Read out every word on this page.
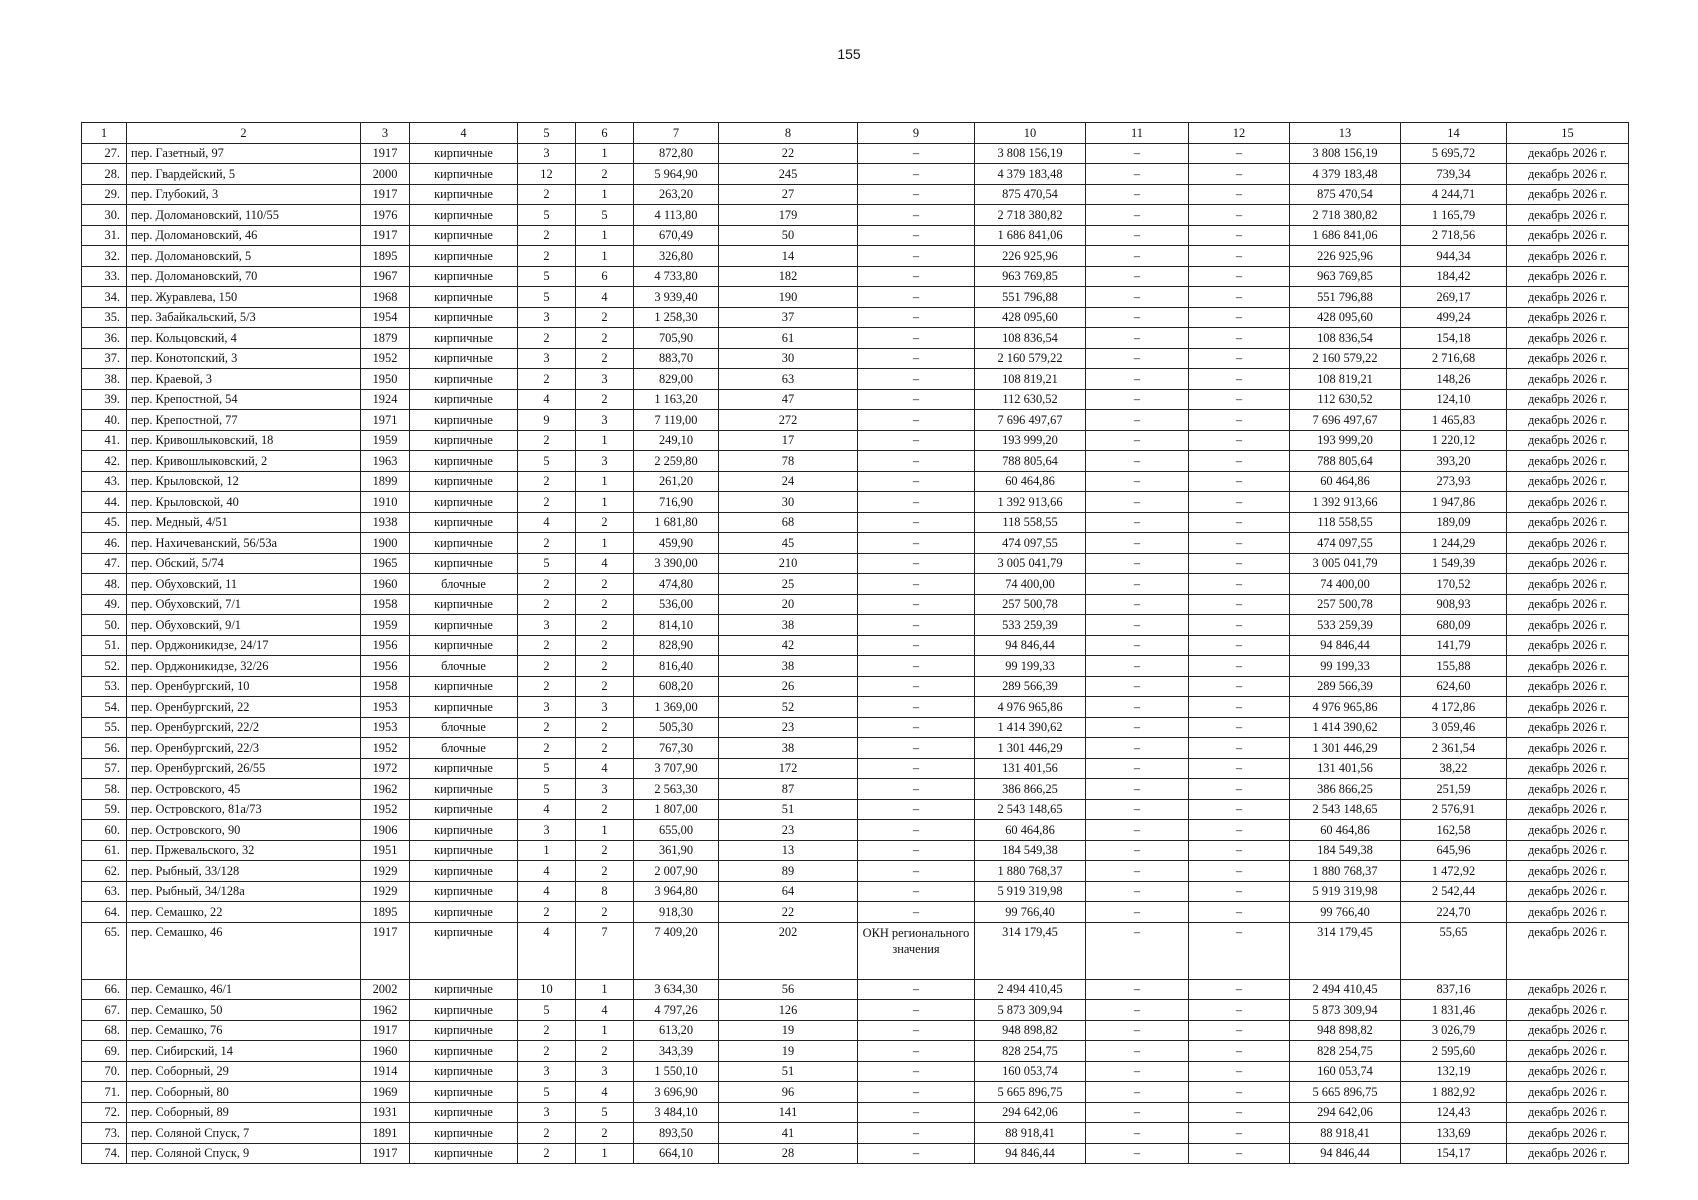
155
1	2	3	4	5	6	7	8	9	10	11	12	13	14	15
27.	пер. Газетный, 97	1917	кирпичные	3	1	872,80	22	–	3 808 156,19	–	–	3 808 156,19	5 695,72	декабрь 2026 г.
28.	пер. Гвардейский, 5	2000	кирпичные	12	2	5 964,90	245	–	4 379 183,48	–	–	4 379 183,48	739,34	декабрь 2026 г.
29.	пер. Глубокий, 3	1917	кирпичные	2	1	263,20	27	–	875 470,54	–	–	875 470,54	4 244,71	декабрь 2026 г.
30.	пер. Доломановский, 110/55	1976	кирпичные	5	5	4 113,80	179	–	2 718 380,82	–	–	2 718 380,82	1 165,79	декабрь 2026 г.
31.	пер. Доломановский, 46	1917	кирпичные	2	1	670,49	50	–	1 686 841,06	–	–	1 686 841,06	2 718,56	декабрь 2026 г.
32.	пер. Доломановский, 5	1895	кирпичные	2	1	326,80	14	–	226 925,96	–	–	226 925,96	944,34	декабрь 2026 г.
33.	пер. Доломановский, 70	1967	кирпичные	5	6	4 733,80	182	–	963 769,85	–	–	963 769,85	184,42	декабрь 2026 г.
34.	пер. Журавлева, 150	1968	кирпичные	5	4	3 939,40	190	–	551 796,88	–	–	551 796,88	269,17	декабрь 2026 г.
35.	пер. Забайкальский, 5/3	1954	кирпичные	3	2	1 258,30	37	–	428 095,60	–	–	428 095,60	499,24	декабрь 2026 г.
36.	пер. Кольцовский, 4	1879	кирпичные	2	2	705,90	61	–	108 836,54	–	–	108 836,54	154,18	декабрь 2026 г.
37.	пер. Конотопский, 3	1952	кирпичные	3	2	883,70	30	–	2 160 579,22	–	–	2 160 579,22	2 716,68	декабрь 2026 г.
38.	пер. Краевой, 3	1950	кирпичные	2	3	829,00	63	–	108 819,21	–	–	108 819,21	148,26	декабрь 2026 г.
39.	пер. Крепостной, 54	1924	кирпичные	4	2	1 163,20	47	–	112 630,52	–	–	112 630,52	124,10	декабрь 2026 г.
40.	пер. Крепостной, 77	1971	кирпичные	9	3	7 119,00	272	–	7 696 497,67	–	–	7 696 497,67	1 465,83	декабрь 2026 г.
41.	пер. Кривошлыковский, 18	1959	кирпичные	2	1	249,10	17	–	193 999,20	–	–	193 999,20	1 220,12	декабрь 2026 г.
42.	пер. Кривошлыковский, 2	1963	кирпичные	5	3	2 259,80	78	–	788 805,64	–	–	788 805,64	393,20	декабрь 2026 г.
43.	пер. Крыловской, 12	1899	кирпичные	2	1	261,20	24	–	60 464,86	–	–	60 464,86	273,93	декабрь 2026 г.
44.	пер. Крыловской, 40	1910	кирпичные	2	1	716,90	30	–	1 392 913,66	–	–	1 392 913,66	1 947,86	декабрь 2026 г.
45.	пер. Медный, 4/51	1938	кирпичные	4	2	1 681,80	68	–	118 558,55	–	–	118 558,55	189,09	декабрь 2026 г.
46.	пер. Нахичеванский, 56/53а	1900	кирпичные	2	1	459,90	45	–	474 097,55	–	–	474 097,55	1 244,29	декабрь 2026 г.
47.	пер. Обский, 5/74	1965	кирпичные	5	4	3 390,00	210	–	3 005 041,79	–	–	3 005 041,79	1 549,39	декабрь 2026 г.
48.	пер. Обуховский, 11	1960	блочные	2	2	474,80	25	–	74 400,00	–	–	74 400,00	170,52	декабрь 2026 г.
49.	пер. Обуховский, 7/1	1958	кирпичные	2	2	536,00	20	–	257 500,78	–	–	257 500,78	908,93	декабрь 2026 г.
50.	пер. Обуховский, 9/1	1959	кирпичные	3	2	814,10	38	–	533 259,39	–	–	533 259,39	680,09	декабрь 2026 г.
51.	пер. Орджоникидзе, 24/17	1956	кирпичные	2	2	828,90	42	–	94 846,44	–	–	94 846,44	141,79	декабрь 2026 г.
52.	пер. Орджоникидзе, 32/26	1956	блочные	2	2	816,40	38	–	99 199,33	–	–	99 199,33	155,88	декабрь 2026 г.
53.	пер. Оренбургский, 10	1958	кирпичные	2	2	608,20	26	–	289 566,39	–	–	289 566,39	624,60	декабрь 2026 г.
54.	пер. Оренбургский, 22	1953	кирпичные	3	3	1 369,00	52	–	4 976 965,86	–	–	4 976 965,86	4 172,86	декабрь 2026 г.
55.	пер. Оренбургский, 22/2	1953	блочные	2	2	505,30	23	–	1 414 390,62	–	–	1 414 390,62	3 059,46	декабрь 2026 г.
56.	пер. Оренбургский, 22/3	1952	блочные	2	2	767,30	38	–	1 301 446,29	–	–	1 301 446,29	2 361,54	декабрь 2026 г.
57.	пер. Оренбургский, 26/55	1972	кирпичные	5	4	3 707,90	172	–	131 401,56	–	–	131 401,56	38,22	декабрь 2026 г.
58.	пер. Островского, 45	1962	кирпичные	5	3	2 563,30	87	–	386 866,25	–	–	386 866,25	251,59	декабрь 2026 г.
59.	пер. Островского, 81а/73	1952	кирпичные	4	2	1 807,00	51	–	2 543 148,65	–	–	2 543 148,65	2 576,91	декабрь 2026 г.
60.	пер. Островского, 90	1906	кирпичные	3	1	655,00	23	–	60 464,86	–	–	60 464,86	162,58	декабрь 2026 г.
61.	пер. Пржевальского, 32	1951	кирпичные	1	2	361,90	13	–	184 549,38	–	–	184 549,38	645,96	декабрь 2026 г.
62.	пер. Рыбный, 33/128	1929	кирпичные	4	2	2 007,90	89	–	1 880 768,37	–	–	1 880 768,37	1 472,92	декабрь 2026 г.
63.	пер. Рыбный, 34/128а	1929	кирпичные	4	8	3 964,80	64	–	5 919 319,98	–	–	5 919 319,98	2 542,44	декабрь 2026 г.
64.	пер. Семашко, 22	1895	кирпичные	2	2	918,30	22	–	99 766,40	–	–	99 766,40	224,70	декабрь 2026 г.
65.	пер. Семашко, 46	1917	кирпичные	4	7	7 409,20	202	ОКН регионального значения	314 179,45	–	–	314 179,45	55,65	декабрь 2026 г.
66.	пер. Семашко, 46/1	2002	кирпичные	10	1	3 634,30	56	–	2 494 410,45	–	–	2 494 410,45	837,16	декабрь 2026 г.
67.	пер. Семашко, 50	1962	кирпичные	5	4	4 797,26	126	–	5 873 309,94	–	–	5 873 309,94	1 831,46	декабрь 2026 г.
68.	пер. Семашко, 76	1917	кирпичные	2	1	613,20	19	–	948 898,82	–	–	948 898,82	3 026,79	декабрь 2026 г.
69.	пер. Сибирский, 14	1960	кирпичные	2	2	343,39	19	–	828 254,75	–	–	828 254,75	2 595,60	декабрь 2026 г.
70.	пер. Соборный, 29	1914	кирпичные	3	3	1 550,10	51	–	160 053,74	–	–	160 053,74	132,19	декабрь 2026 г.
71.	пер. Соборный, 80	1969	кирпичные	5	4	3 696,90	96	–	5 665 896,75	–	–	5 665 896,75	1 882,92	декабрь 2026 г.
72.	пер. Соборный, 89	1931	кирпичные	3	5	3 484,10	141	–	294 642,06	–	–	294 642,06	124,43	декабрь 2026 г.
73.	пер. Соляной Спуск, 7	1891	кирпичные	2	2	893,50	41	–	88 918,41	–	–	88 918,41	133,69	декабрь 2026 г.
74.	пер. Соляной Спуск, 9	1917	кирпичные	2	1	664,10	28	–	94 846,44	–	–	94 846,44	154,17	декабрь 2026 г.
